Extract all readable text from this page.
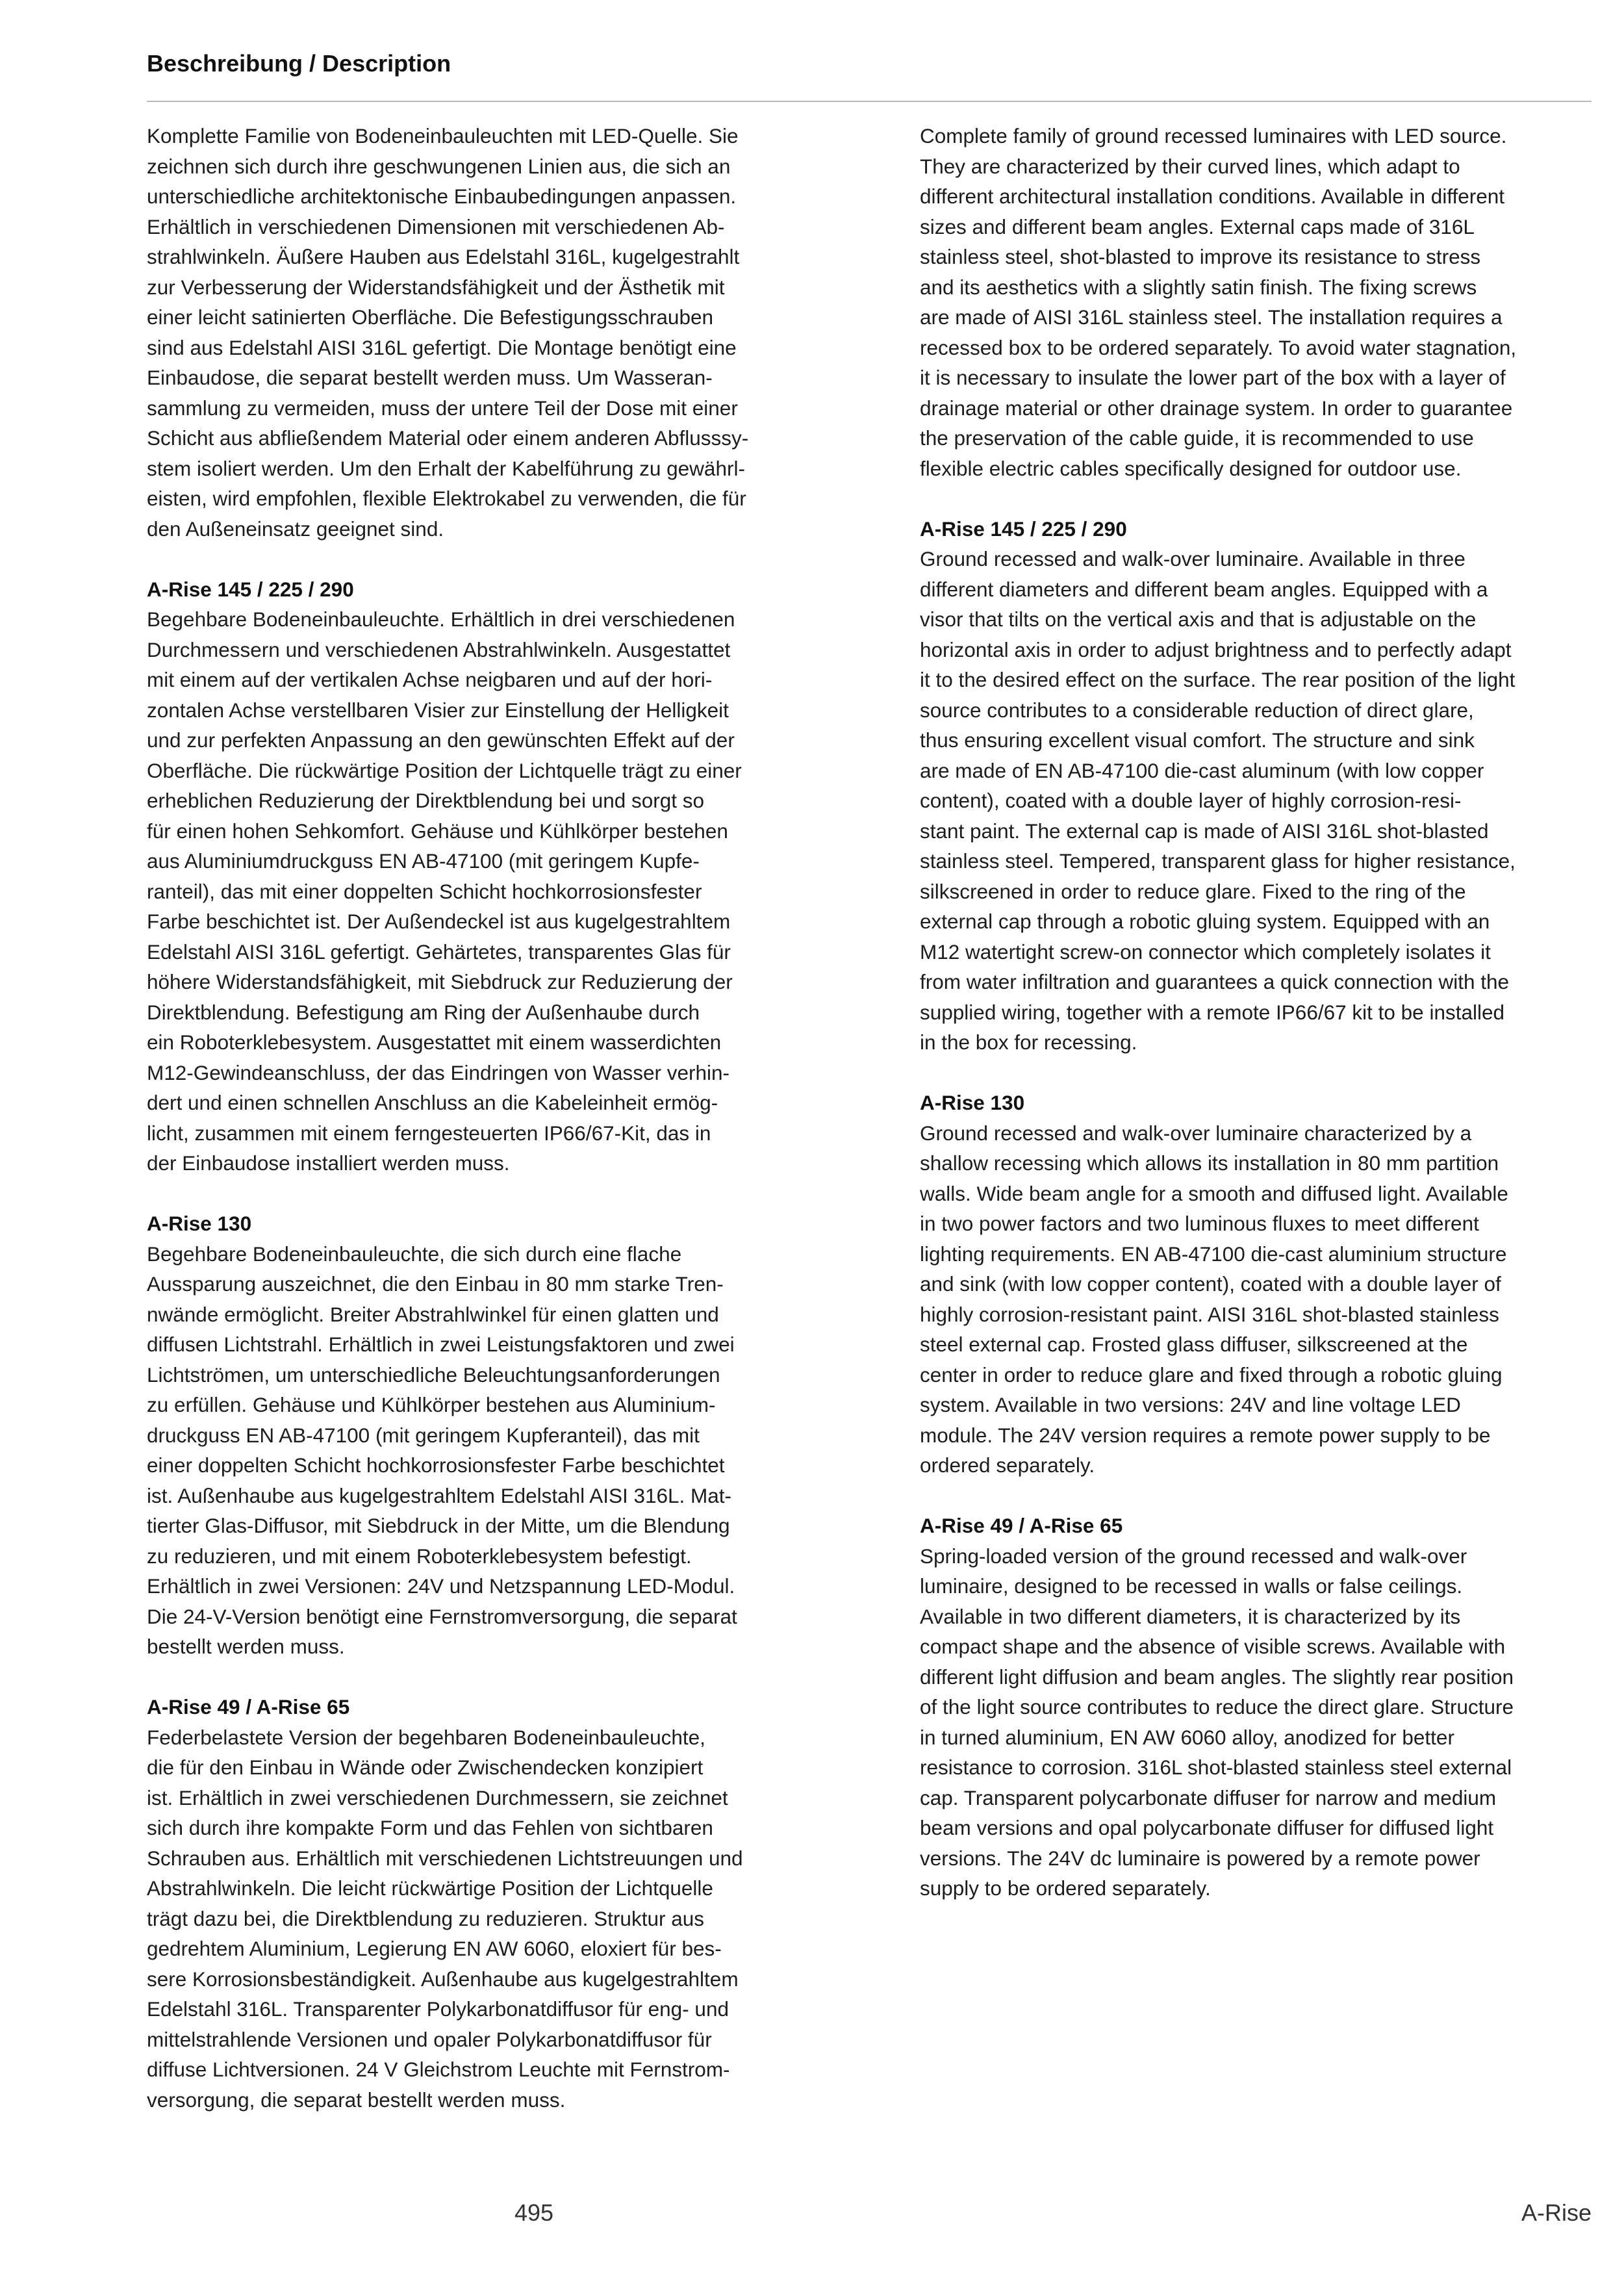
Beschreibung / Description

Komplette Familie von Bodeneinbauleuchten mit LED-Quelle. Sie
zeichnen sich durch ihre geschwungenen Linien aus, die sich an
unterschiedliche architektonische Einbaubedingungen anpassen.
Erhältlich in verschiedenen Dimensionen mit verschiedenen Ab-
strahlwinkeln. Äußere Hauben aus Edelstahl 316L, kugelgestrahlt
zur Verbesserung der Widerstandsfähigkeit und der Ästhetik mit
einer leicht satinierten Oberfläche. Die Befestigungsschrauben
sind aus Edelstahl AISI 316L gefertigt. Die Montage benötigt eine
Einbaudose, die separat bestellt werden muss. Um Wasseran-
sammlung zu vermeiden, muss der untere Teil der Dose mit einer
Schicht aus abfließendem Material oder einem anderen Abflusssy-
stem isoliert werden. Um den Erhalt der Kabelführung zu gewährl-
eisten, wird empfohlen, flexible Elektrokabel zu verwenden, die für
den Außeneinsatz geeignet sind.

A-Rise 145 / 225 / 290

Begehbare Bodeneinbauleuchte. Erhältlich in drei verschiedenen
Durchmessern und verschiedenen Abstrahlwinkeln. Ausgestattet
mit einem auf der vertikalen Achse neigbaren und auf der hori-
zontalen Achse verstellbaren Visier zur Einstellung der Helligkeit
und zur perfekten Anpassung an den gewünschten Effekt auf der
Oberfläche. Die rückwärtige Position der Lichtquelle trägt zu einer
erheblichen Reduzierung der Direktblendung bei und sorgt so
für einen hohen Sehkomfort. Gehäuse und Kühlkörper bestehen
aus Aluminiumdruckguss EN AB-47100 (mit geringem Kupfe-
ranteil), das mit einer doppelten Schicht hochkorrosionsfester
Farbe beschichtet ist. Der Außendeckel ist aus kugelgestrahltem
Edelstahl AISI 316L gefertigt. Gehärtetes, transparentes Glas für
höhere Widerstandsfähigkeit, mit Siebdruck zur Reduzierung der
Direktblendung. Befestigung am Ring der Außenhaube durch
ein Roboterklebesystem. Ausgestattet mit einem wasserdichten
M12-Gewindeanschluss, der das Eindringen von Wasser verhin-
dert und einen schnellen Anschluss an die Kabeleinheit ermög-
licht, zusammen mit einem ferngesteuerten IP66/67-Kit, das in
der Einbaudose installiert werden muss.

A-Rise 130

Begehbare Bodeneinbauleuchte, die sich durch eine flache
Aussparung auszeichnet, die den Einbau in 80 mm starke Tren-
nwände ermöglicht. Breiter Abstrahlwinkel für einen glatten und
diffusen Lichtstrahl. Erhältlich in zwei Leistungsfaktoren und zwei
Lichtströmen, um unterschiedliche Beleuchtungsanforderungen
zu erfüllen. Gehäuse und Kühlkörper bestehen aus Aluminium-
druckguss EN AB-47100 (mit geringem Kupferanteil), das mit
einer doppelten Schicht hochkorrosionsfester Farbe beschichtet
ist. Außenhaube aus kugelgestrahltem Edelstahl AISI 316L. Mat-
tierter Glas-Diffusor, mit Siebdruck in der Mitte, um die Blendung
zu reduzieren, und mit einem Roboterklebesystem befestigt.
Erhältlich in zwei Versionen: 24V und Netzspannung LED-Modul.
Die 24-V-Version benötigt eine Fernstromversorgung, die separat
bestellt werden muss.

A-Rise 49 / A-Rise 65

Federbelastete Version der begehbaren Bodeneinbauleuchte,
die für den Einbau in Wände oder Zwischendecken konzipiert
ist. Erhältlich in zwei verschiedenen Durchmessern, sie zeichnet
sich durch ihre kompakte Form und das Fehlen von sichtbaren
Schrauben aus. Erhältlich mit verschiedenen Lichtstreuungen und
Abstrahlwinkeln. Die leicht rückwärtige Position der Lichtquelle
trägt dazu bei, die Direktblendung zu reduzieren. Struktur aus
gedrehtem Aluminium, Legierung EN AW 6060, eloxiert für bes-
sere Korrosionsbeständigkeit. Außenhaube aus kugelgestrahltem
Edelstahl 316L. Transparenter Polykarbonatdiffusor für eng- und
mittelstrahlende Versionen und opaler Polykarbonatdiffusor für
diffuse Lichtversionen. 24 V Gleichstrom Leuchte mit Fernstrom-
versorgung, die separat bestellt werden muss.

Complete family of ground recessed luminaires with LED source.
They are characterized by their curved lines, which adapt to
different architectural installation conditions. Available in different
sizes and different beam angles. External caps made of 316L
stainless steel, shot-blasted to improve its resistance to stress
and its aesthetics with a slightly satin finish. The fixing screws
are made of AISI 316L stainless steel. The installation requires a
recessed box to be ordered separately. To avoid water stagnation,
it is necessary to insulate the lower part of the box with a layer of
drainage material or other drainage system. In order to guarantee
the preservation of the cable guide, it is recommended to use
flexible electric cables specifically designed for outdoor use.

A-Rise 145 / 225 / 290

Ground recessed and walk-over luminaire. Available in three
different diameters and different beam angles. Equipped with a
visor that tilts on the vertical axis and that is adjustable on the
horizontal axis in order to adjust brightness and to perfectly adapt
it to the desired effect on the surface. The rear position of the light
source contributes to a considerable reduction of direct glare,
thus ensuring excellent visual comfort. The structure and sink
are made of EN AB-47100 die-cast aluminum (with low copper
content), coated with a double layer of highly corrosion-resi-
stant paint. The external cap is made of AISI 316L shot-blasted
stainless steel. Tempered, transparent glass for higher resistance,
silkscreened in order to reduce glare. Fixed to the ring of the
external cap through a robotic gluing system. Equipped with an
M12 watertight screw-on connector which completely isolates it
from water infiltration and guarantees a quick connection with the
supplied wiring, together with a remote IP66/67 kit to be installed
in the box for recessing.

A-Rise 130

Ground recessed and walk-over luminaire characterized by a
shallow recessing which allows its installation in 80 mm partition
walls. Wide beam angle for a smooth and diffused light. Available
in two power factors and two luminous fluxes to meet different
lighting requirements. EN AB-47100 die-cast aluminium structure
and sink (with low copper content), coated with a double layer of
highly corrosion-resistant paint. AISI 316L shot-blasted stainless
steel external cap. Frosted glass diffuser, silkscreened at the
center in order to reduce glare and fixed through a robotic gluing
system. Available in two versions: 24V and line voltage LED
module. The 24V version requires a remote power supply to be
ordered separately.

A-Rise 49 / A-Rise 65

Spring-loaded version of the ground recessed and walk-over
luminaire, designed to be recessed in walls or false ceilings.
Available in two different diameters, it is characterized by its
compact shape and the absence of visible screws. Available with
different light diffusion and beam angles. The slightly rear position
of the light source contributes to reduce the direct glare. Structure
in turned aluminium, EN AW 6060 alloy, anodized for better
resistance to corrosion. 316L shot-blasted stainless steel external
cap. Transparent polycarbonate diffuser for narrow and medium
beam versions and opal polycarbonate diffuser for diffused light
versions. The 24V dc luminaire is powered by a remote power
supply to be ordered separately.

495	A-Rise
